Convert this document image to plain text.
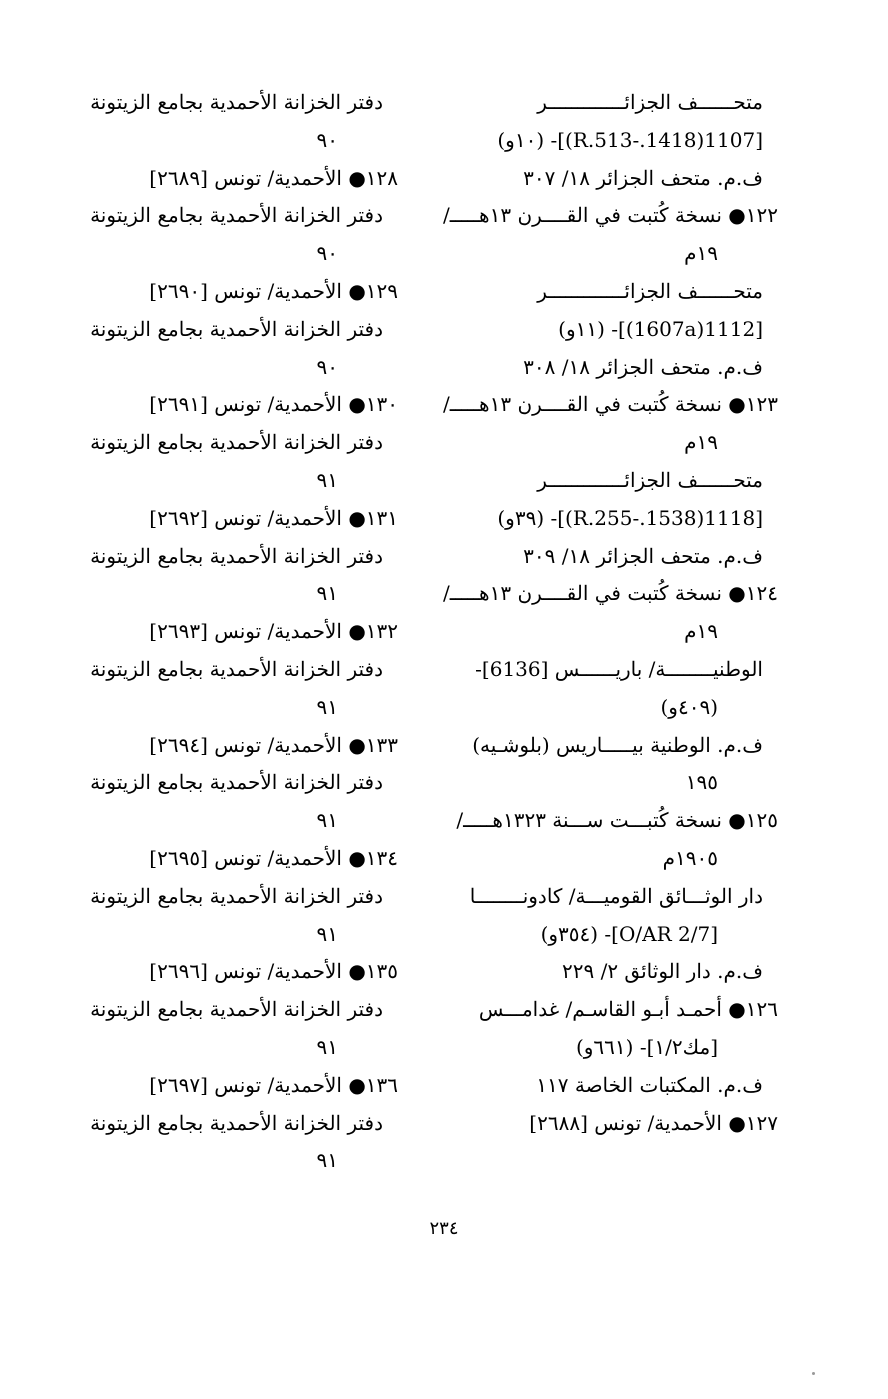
متحــــــف الجزائـــــــــــــر
[1107(1418.-R.513)]- (١٠و)
ف.م. متحف الجزائر ١٨/ ٣٠٧
١٢٢● نسخة كُتبت في القــــرن ١٣هـــــ/
١٩م
متحــــــف الجزائـــــــــــــر
[1112(1607a)]- (١١و)
ف.م. متحف الجزائر ١٨/ ٣٠٨
١٢٣● نسخة كُتبت في القــــرن ١٣هـــــ/
١٩م
متحــــــف الجزائـــــــــــــر
[1118(1538.-R.255)]- (٣٩و)
ف.م. متحف الجزائر ١٨/ ٣٠٩
١٢٤● نسخة كُتبت في القــــرن ١٣هـــــ/
١٩م
الوطنيــــــــة/ باريــــــس [6136]-
(٤٠٩و)
ف.م. الوطنية بيـــــاريس (بلوشـيه)
١٩٥
١٢٥● نسخة كُتبـــت ســـنة ١٣٢٣هـــــ/
١٩٠٥م
دار الوثـــائق القوميـــة/ كادونــــــــا
[O/AR 2/7]- (٣٥٤و)
ف.م. دار الوثائق ٢/ ٢٢٩
١٢٦● أحمـد أبـو القاسـم/ غدامـــس
[مك١/٢]- (٦٦١و)
ف.م. المكتبات الخاصة ١١٧
١٢٧● الأحمدية/ تونس [٢٦٨٨]
دفتر الخزانة الأحمدية بجامع الزيتونة
٩٠
١٢٨● الأحمدية/ تونس [٢٦٨٩]
دفتر الخزانة الأحمدية بجامع الزيتونة
٩٠
١٢٩● الأحمدية/ تونس [٢٦٩٠]
دفتر الخزانة الأحمدية بجامع الزيتونة
٩٠
١٣٠● الأحمدية/ تونس [٢٦٩١]
دفتر الخزانة الأحمدية بجامع الزيتونة
٩١
١٣١● الأحمدية/ تونس [٢٦٩٢]
دفتر الخزانة الأحمدية بجامع الزيتونة
٩١
١٣٢● الأحمدية/ تونس [٢٦٩٣]
دفتر الخزانة الأحمدية بجامع الزيتونة
٩١
١٣٣● الأحمدية/ تونس [٢٦٩٤]
دفتر الخزانة الأحمدية بجامع الزيتونة
٩١
١٣٤● الأحمدية/ تونس [٢٦٩٥]
دفتر الخزانة الأحمدية بجامع الزيتونة
٩١
١٣٥● الأحمدية/ تونس [٢٦٩٦]
دفتر الخزانة الأحمدية بجامع الزيتونة
٩١
١٣٦● الأحمدية/ تونس [٢٦٩٧]
دفتر الخزانة الأحمدية بجامع الزيتونة
٩١
٢٣٤
